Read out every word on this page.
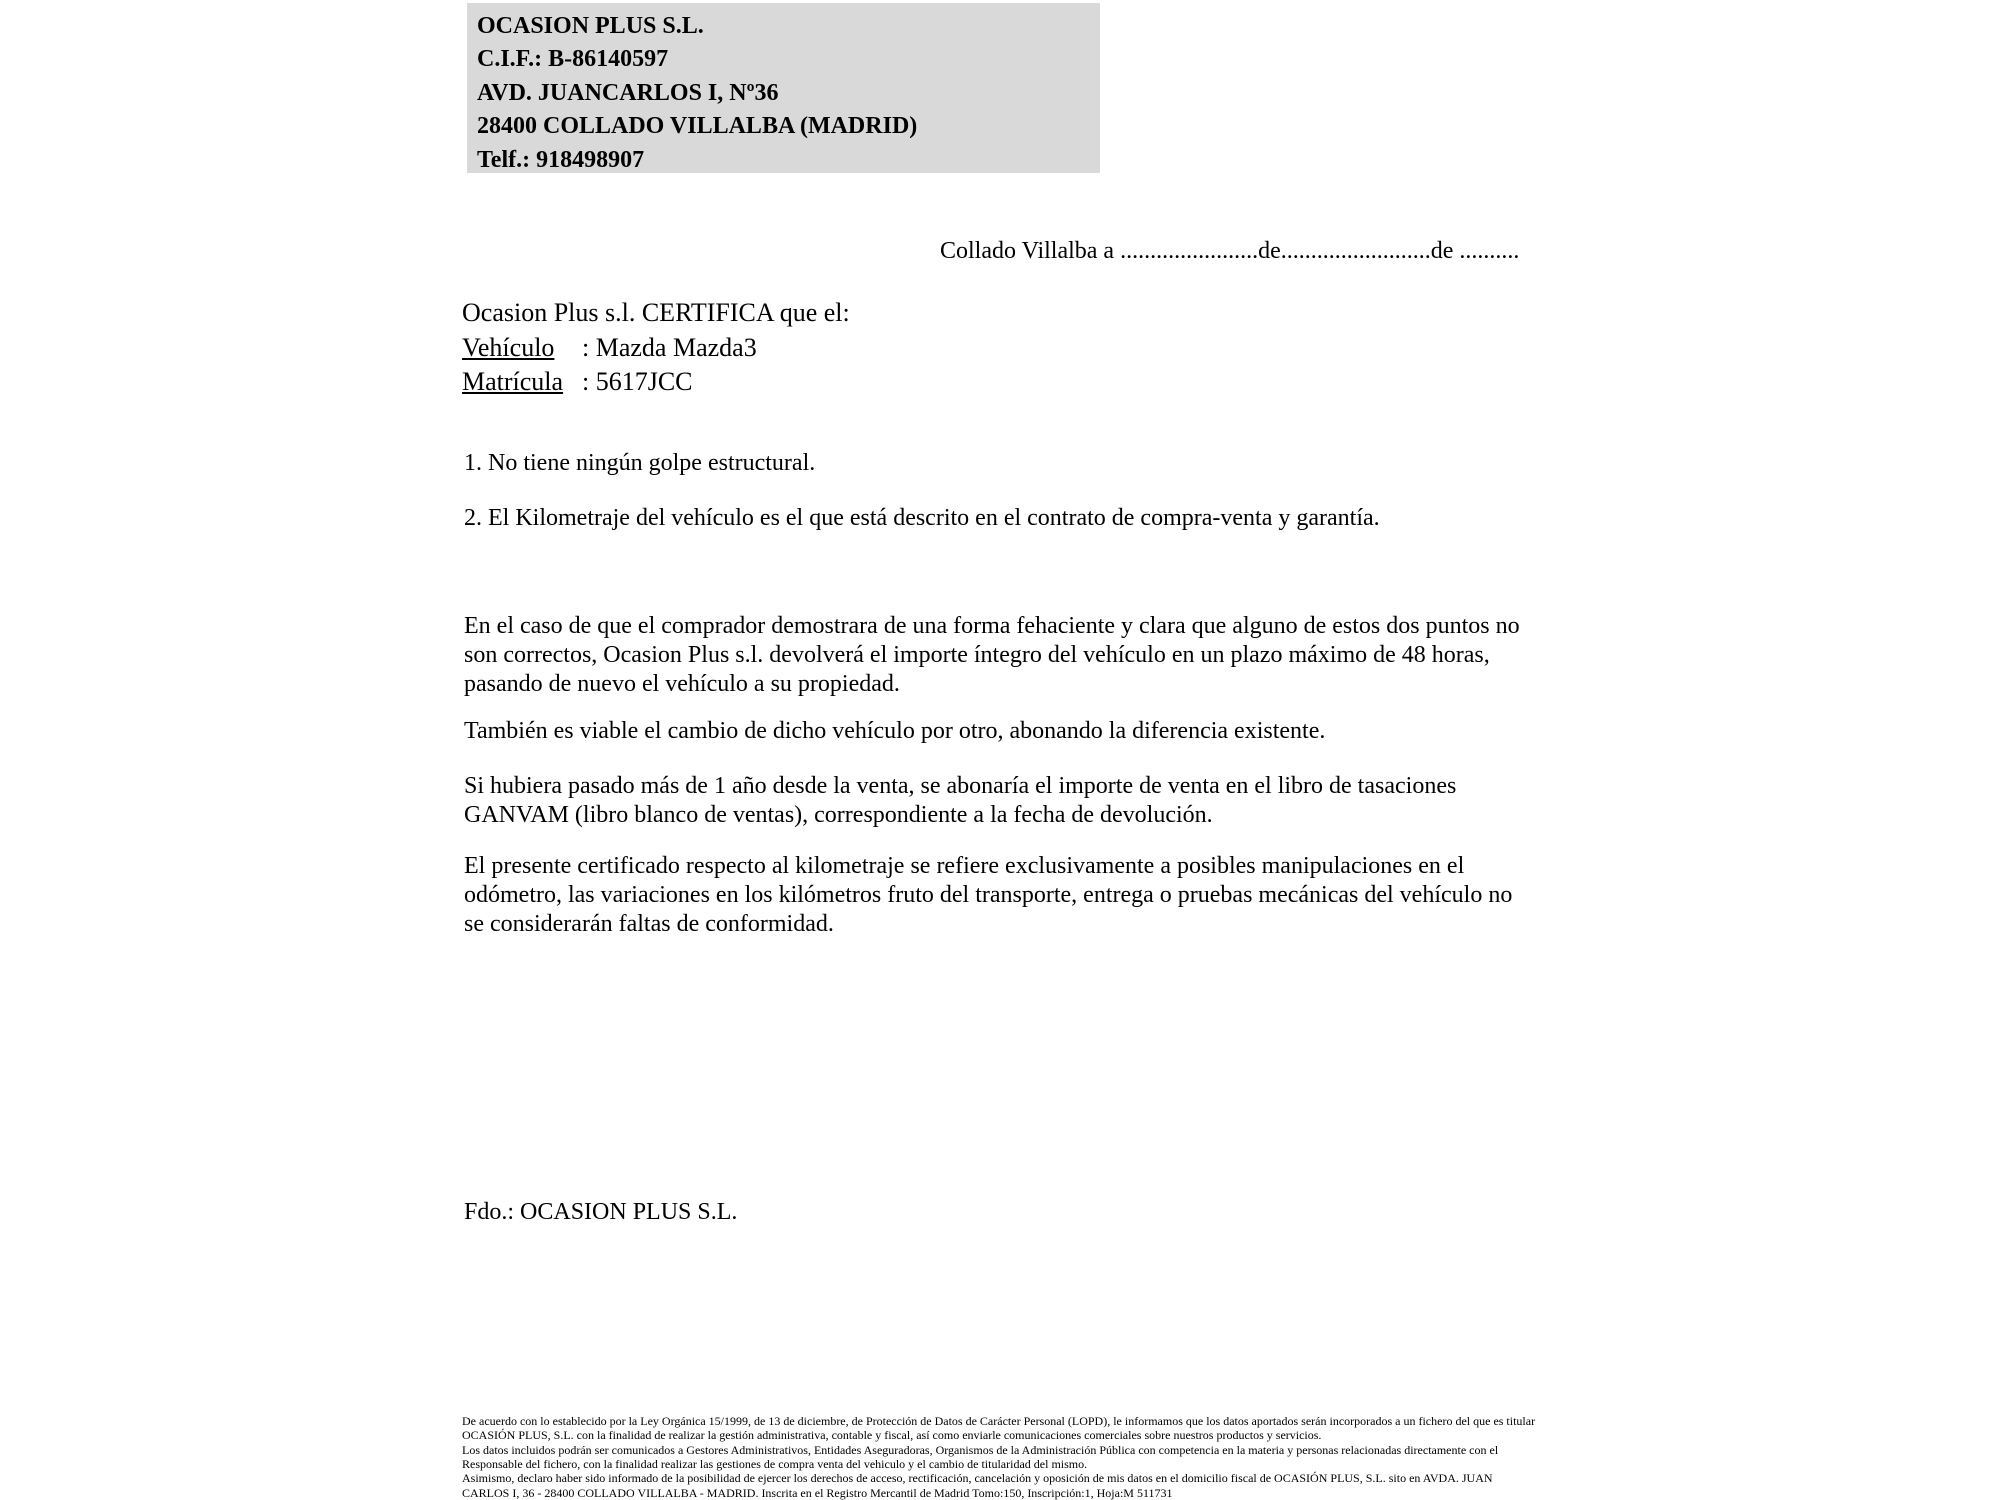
OCASION PLUS S.L.
C.I.F.: B-86140597
AVD. JUANCARLOS I, Nº36
28400 COLLADO VILLALBA (MADRID)
Telf.: 918498907
Collado Villalba a .......................de.........................de ..........
Ocasion Plus s.l. CERTIFICA que el:
Vehículo : Mazda Mazda3
Matrícula : 5617JCC
1. No tiene ningún golpe estructural.
2. El Kilometraje del vehículo es el que está descrito en el contrato de compra-venta y garantía.
En el caso de que el comprador demostrara de una forma fehaciente y clara que alguno de estos dos puntos no
son correctos, Ocasion Plus s.l. devolverá el importe íntegro del vehículo en un plazo máximo de 48 horas,
pasando de nuevo el vehículo a su propiedad.
También es viable el cambio de dicho vehículo por otro, abonando la diferencia existente.
Si hubiera pasado más de 1 año desde la venta, se abonaría el importe de venta en el libro de tasaciones
GANVAM (libro blanco de ventas), correspondiente a la fecha de devolución.
El presente certificado respecto al kilometraje se refiere exclusivamente a posibles manipulaciones en el
odómetro, las variaciones en los kilómetros fruto del transporte, entrega o pruebas mecánicas del vehículo no
se considerarán faltas de conformidad.
Fdo.: OCASION PLUS S.L.
De acuerdo con lo establecido por la Ley Orgánica 15/1999, de 13 de diciembre, de Protección de Datos de Carácter Personal (LOPD), le informamos que los datos aportados serán incorporados a un fichero del que es titular
OCASIÓN PLUS, S.L. con la finalidad de realizar la gestión administrativa, contable y fiscal, así como enviarle comunicaciones comerciales sobre nuestros productos y servicios.
Los datos incluidos podrán ser comunicados a Gestores Administrativos, Entidades Aseguradoras, Organismos de la Administración Pública con competencia en la materia y personas relacionadas directamente con el
Responsable del fichero, con la finalidad realizar las gestiones de compra venta del vehiculo y el cambio de titularidad del mismo.
Asimismo, declaro haber sido informado de la posibilidad de ejercer los derechos de acceso, rectificación, cancelación y oposición de mis datos en el domicilio fiscal de OCASIÓN PLUS, S.L. sito en AVDA. JUAN
CARLOS I, 36 - 28400 COLLADO VILLALBA - MADRID. Inscrita en el Registro Mercantil de Madrid Tomo:150, Inscripción:1, Hoja:M 511731
